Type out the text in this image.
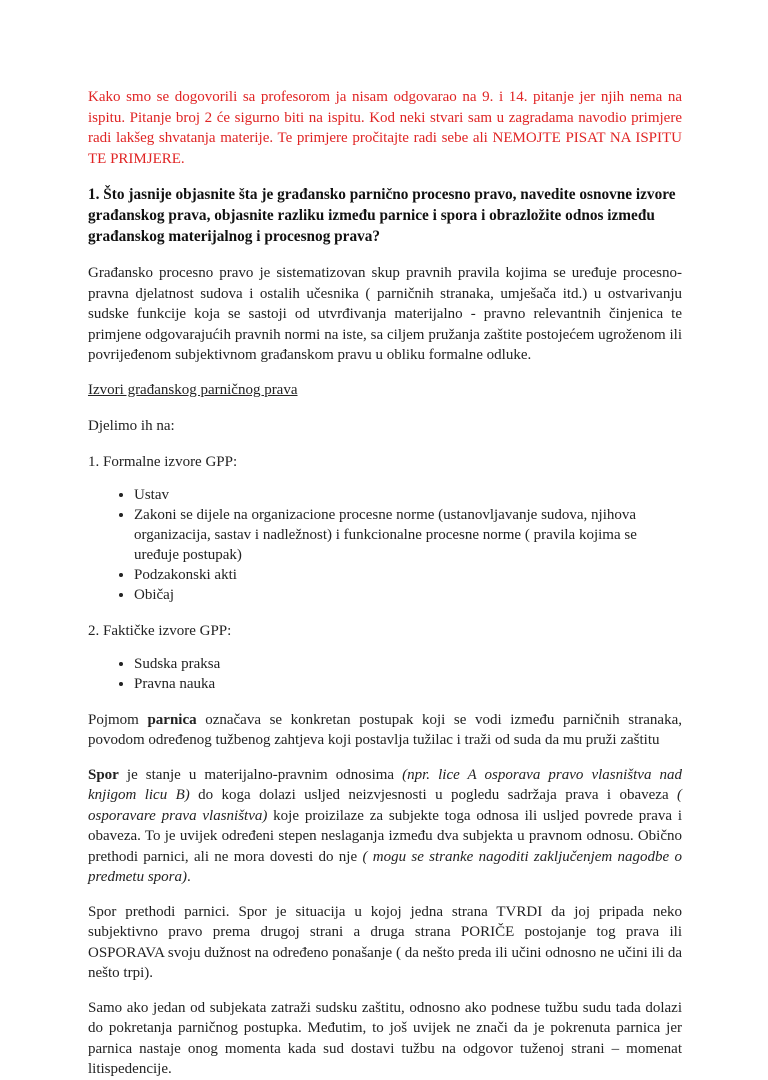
Kako smo se dogovorili sa profesorom ja nisam odgovarao na 9. i 14. pitanje jer njih nema na ispitu. Pitanje broj 2 će sigurno biti na ispitu. Kod neki stvari sam u zagradama navodio primjere radi lakšeg shvatanja materije. Te primjere pročitajte radi sebe ali NEMOJTE PISAT NA ISPITU TE PRIMJERE.

1. Što jasnije objasnite šta je građansko parnično procesno pravo, navedite osnovne izvore građanskog prava, objasnite razliku između parnice i spora i obrazložite odnos između građanskog materijalnog i procesnog prava?

Građansko procesno pravo je sistematizovan skup pravnih pravila kojima se uređuje procesno-pravna djelatnost sudova i ostalih učesnika ( parničnih stranaka, umješača itd.) u ostvarivanju sudske funkcije koja se sastoji od utvrđivanja materijalno - pravno relevantnih činjenica te primjene odgovarajućih pravnih normi na iste, sa ciljem pružanja zaštite postojećem ugroženom ili povrijeđenom subjektivnom građanskom pravu u obliku formalne odluke.

Izvori građanskog parničnog prava

Djelimo ih na:

1. Formalne izvore GPP:

• Ustav
• Zakoni se dijele na organizacione procesne norme (ustanovljavanje sudova, njihova organizacija, sastav i nadležnost) i funkcionalne procesne norme ( pravila kojima se uređuje postupak)
• Podzakonski akti
• Običaj

2. Faktičke izvore GPP:

• Sudska praksa
• Pravna nauka

Pojmom parnica označava se konkretan postupak koji se vodi između parničnih stranaka, povodom određenog tužbenog zahtjeva koji postavlja tužilac i traži od suda da mu pruži zaštitu

Spor je stanje u materijalno-pravnim odnosima (npr. lice A osporava pravo vlasništva nad knjigom licu B) do koga dolazi usljed neizvjesnosti u pogledu sadržaja prava i obaveza ( osporavare prava vlasništva) koje proizilaze za subjekte toga odnosa ili usljed povrede prava i obaveza. To je uvijek određeni stepen neslaganja između dva subjekta u pravnom odnosu. Obično prethodi parnici, ali ne mora dovesti do nje ( mogu se stranke nagoditi zaključenjem nagodbe o predmetu spora).

Spor prethodi parnici. Spor je situacija u kojoj jedna strana TVRDI da joj pripada neko subjektivno pravo prema drugoj strani a druga strana PORIČE postojanje tog prava ili OSPORAVA svoju dužnost na određeno ponašanje ( da nešto preda ili učini odnosno ne učini ili da nešto trpi).

Samo ako jedan od subjekata zatraži sudsku zaštitu, odnosno ako podnese tužbu sudu tada dolazi do pokretanja parničnog postupka. Međutim, to još uvijek ne znači da je pokrenuta parnica jer parnica nastaje onog momenta kada sud dostavi tužbu na odgovor tuženoj strani – momenat litispedencije.
